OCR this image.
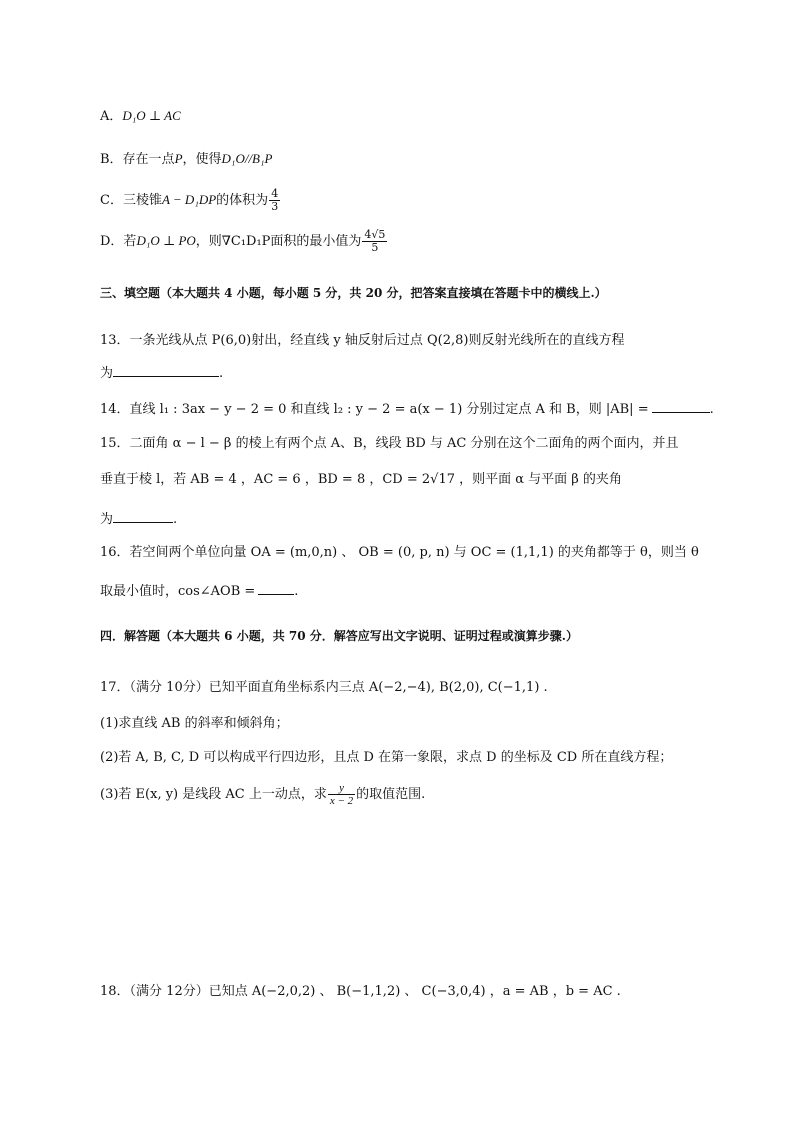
A．D₁O ⊥ AC
B．存在一点P，使得D₁O//B₁P
C．三棱锥A − D₁DP的体积为 $\frac{4}{3}$
D．若D₁O ⊥ PO，则∇C₁D₁P面积的最小值为 $\frac{4√5}{5}$
三、填空题（本大题共 4 小题，每小题 5 分，共 20 分，把答案直接填在答题卡中的横线上.）
13．一条光线从点 P(6,0)射出，经直线 y 轴反射后过点 Q(2,8)则反射光线所在的直线方程
为	.
14．直线 l₁ : 3ax − y − 2 = 0 和直线 l₂ : y − 2 = a(x − 1) 分别过定点 A 和 B，则 |AB| =	.
15．二面角 α − l − β 的棱上有两个点 A、B，线段 BD 与 AC 分别在这个二面角的两个面内，并且
垂直于棱 l，若 AB = 4 ，AC = 6 ，BD = 8 ，CD = 2√17 ，则平面 α 与平面 β 的夹角
为	.
16．若空间两个单位向量 OA = (m,0,n) 、 OB = (0, p, n) 与 OC = (1,1,1) 的夹角都等于 θ，则当 θ
取最小值时，cos∠AOB =	.
四．解答题（本大题共 6 小题，共 70 分．解答应写出文字说明、证明过程或演算步骤.）
17．（满分 10分）已知平面直角坐标系内三点 A(−2,−4), B(2,0), C(−1,1) .
(1)求直线 AB 的斜率和倾斜角；
(2)若 A, B, C, D 可以构成平行四边形，且点 D 在第一象限，求点 D 的坐标及 CD 所在直线方程；
(3)若 E(x, y) 是线段 AC 上一动点，求 $\frac{y}{x - 2}$ 的取值范围.
18．（满分 12分）已知点 A(−2,0,2) 、 B(−1,1,2) 、 C(−3,0,4) ，a = AB ，b = AC .
